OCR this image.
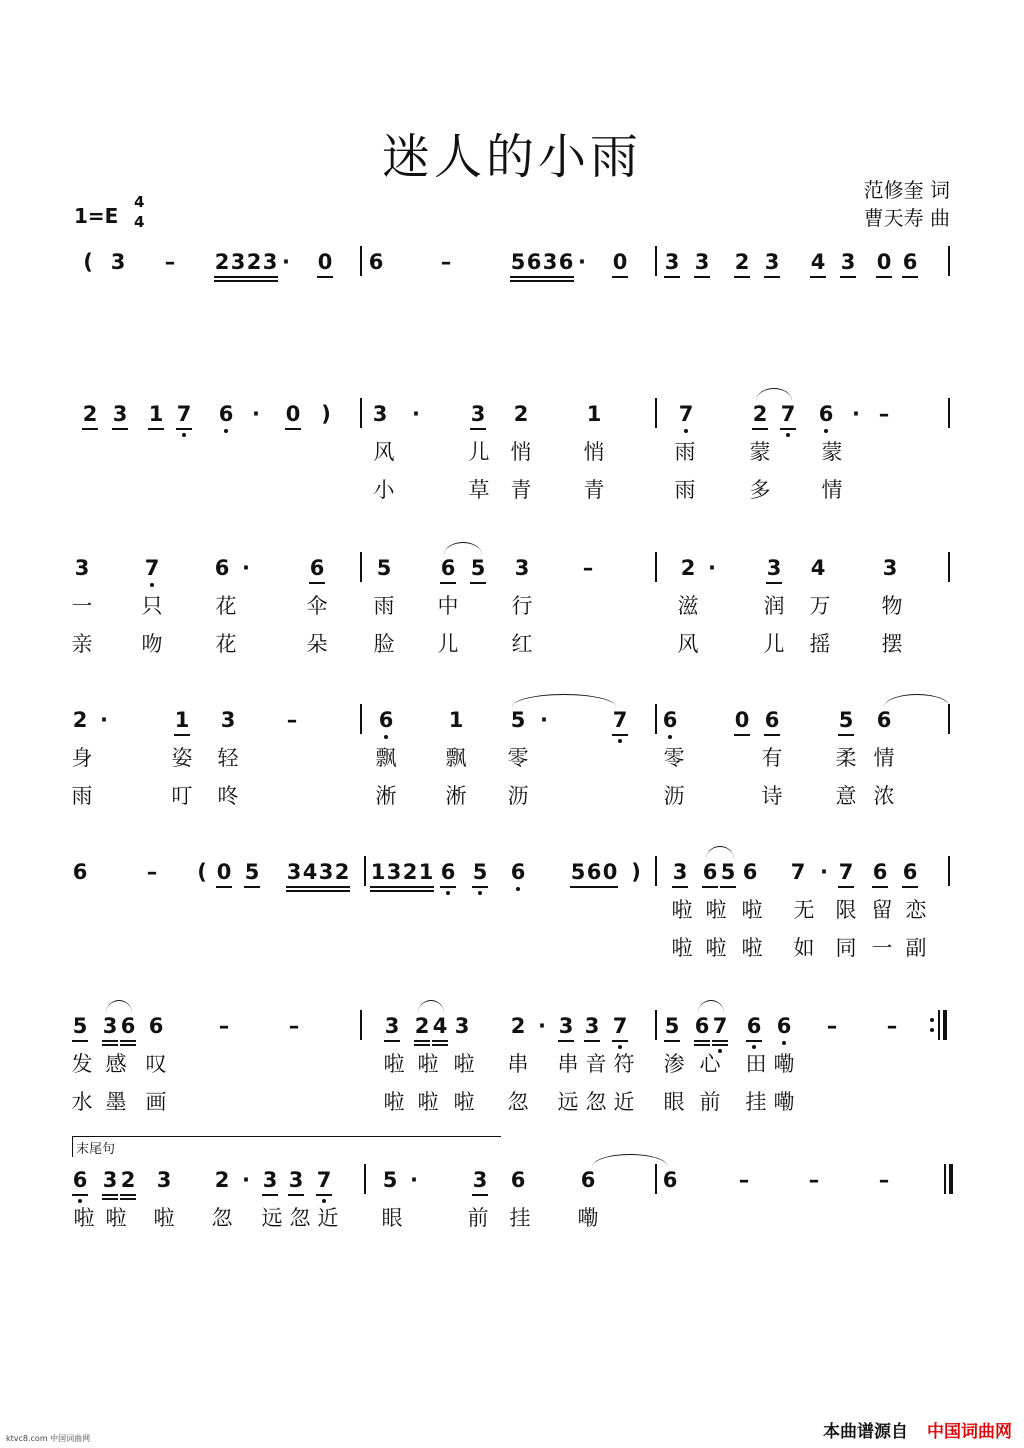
迷人的小雨
范修奎 词
曹天寿 曲
1=E
4
4
( 3 – 2 3 2 3 · 0 6	–	5 6 3 6 · 0 3 3 2 3 4 3 0 6
2 3 1 7 6 · 0 ) 3 · 3 2	1	7	2 7 6 · –
风	儿 悄 悄	雨	蒙 蒙
小	草 青 青	雨	多 情
3	7	6 ·	6 5 6 5 3	–	2 · 3 4	3
一 只	花	伞 雨 中	行	滋	润 万 物
亲 吻	花	朵 脸 儿	红	风	儿 摇 摆
2 ·	1 3 –	6	1 5 ·	7 6	0 6	5 6
身	姿 轻	飘 飘 零	零	有	柔 情
雨	叮 咚	淅 淅 沥	沥	诗	意 浓
6	– ( 0 5 3 4 3 2 1 3 2 1 6 5 6 5 6 0 ) 3 6 5 6 7 · 7 6 6
啦 啦 啦 无 限 留 恋
啦 啦 啦 如 同 一 副
5 3 6 6	–	–	3 2 4 3 2 · 3 3 7 5 6 7 6 6 – –
发 感 叹	啦 啦 啦 串 串 音 符 渗 心 田 嘞
水 墨 画	啦 啦 啦 忽 远 忽 近 眼 前 挂 嘞
6 3 2 3 2 · 3 3 7 5 ·	3 6	6	6	–	–	–
啦 啦 啦 忽 远 忽 近 眼	前 挂 嘞
末尾句
ktvc8.com 中国词曲网	本曲谱源自 中国词曲网
